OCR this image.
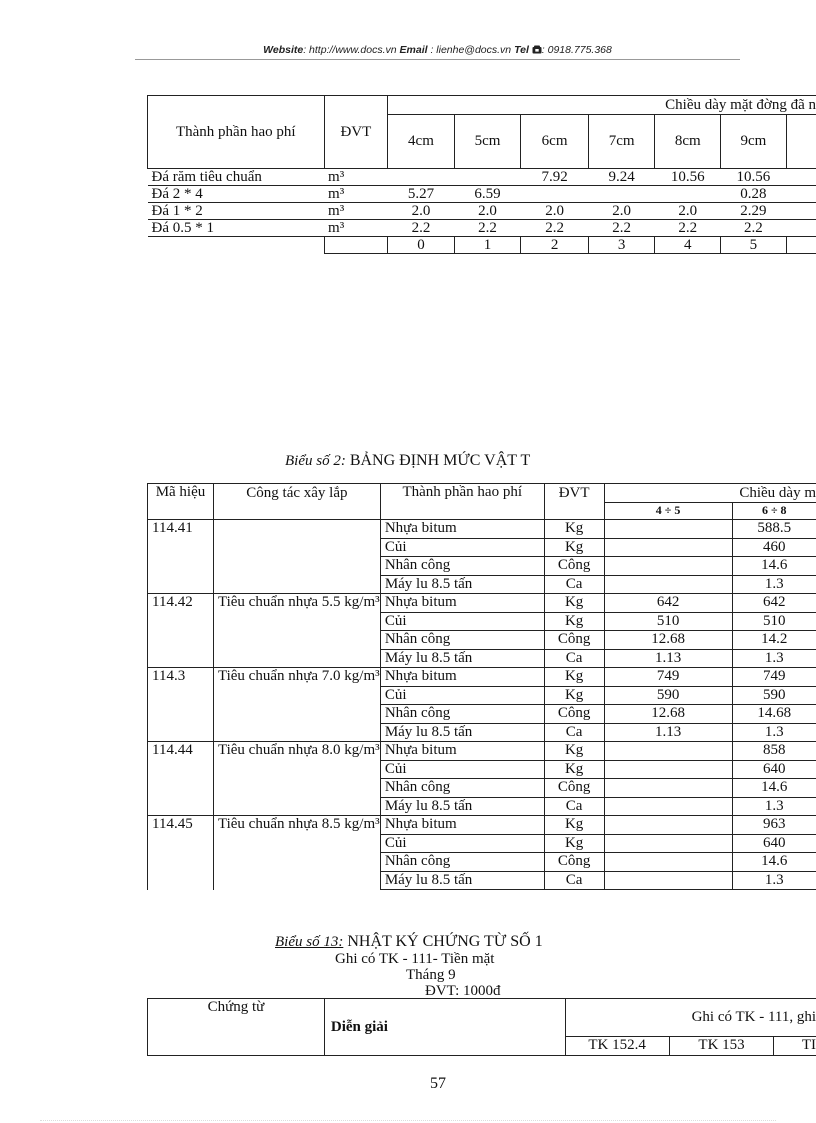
Website: http://www.docs.vn Email : lienhe@docs.vn Tel : 0918.775.368
Thành phần hao phí	ĐVT	Chiều dày mặt đờng đã n						
		4cm	5cm	6cm	7cm	8cm	9cm	
Đá răm tiêu chuẩn	m³			7.92	9.24	10.56	10.56	
Đá 2 * 4	m³	5.27	6.59				0.28	
Đá 1 * 2	m³	2.0	2.0	2.0	2.0	2.0	2.29	
Đá 0.5 * 1	m³	2.2	2.2	2.2	2.2	2.2	2.2	
		0	1	2	3	4	5	
Biểu số 2: BẢNG ĐỊNH MỨC VẬT T
Mã hiệu	Công tác xây lắp	Thành phần hao phí	ĐVT	Chiều dày m	
				4 ÷ 5	6 ÷ 8
114.41		Nhựa bitum	Kg		588.5
		Củi	Kg		460
		Nhân công	Công		14.6
		Máy lu 8.5 tấn	Ca		1.3
114.42	Tiêu chuẩn nhựa 5.5 kg/m³	Nhựa bitum	Kg	642	642
		Củi	Kg	510	510
		Nhân công	Công	12.68	14.2
		Máy lu 8.5 tấn	Ca	1.13	1.3
114.3	Tiêu chuẩn nhựa 7.0 kg/m³	Nhựa bitum	Kg	749	749
		Củi	Kg	590	590
		Nhân công	Công	12.68	14.68
		Máy lu 8.5 tấn	Ca	1.13	1.3
114.44	Tiêu chuẩn nhựa 8.0 kg/m³	Nhựa bitum	Kg		858
		Củi	Kg		640
		Nhân công	Công		14.6
		Máy lu 8.5 tấn	Ca		1.3
114.45	Tiêu chuẩn nhựa 8.5 kg/m³	Nhựa bitum	Kg		963
		Củi	Kg		640
		Nhân công	Công		14.6
		Máy lu 8.5 tấn	Ca		1.3
Biểu số 13: NHẬT KÝ CHỨNG TỪ SỐ 1
Ghi có TK - 111- Tiền mặt
Tháng 9
ĐVT: 1000đ
Chứng từ	Diễn giải	Ghi có TK - 111, ghi		
		TK 152.4	TK 153	TI
57
